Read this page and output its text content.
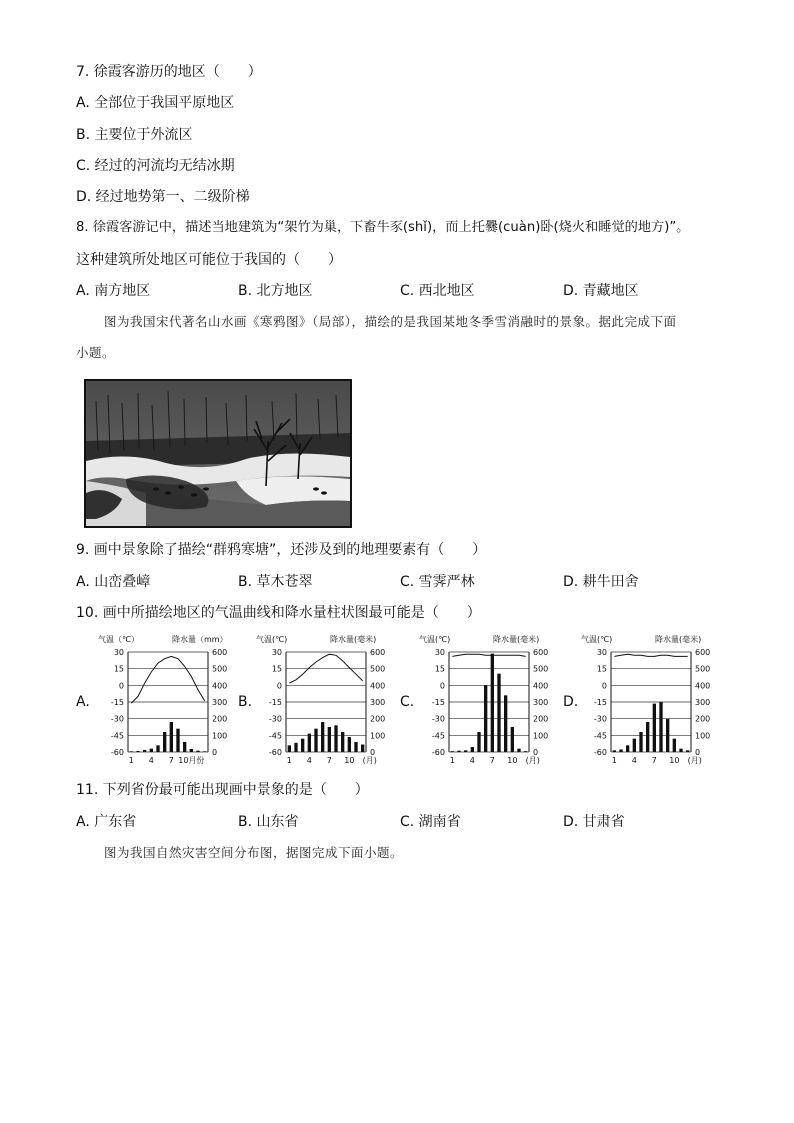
7. 徐霞客游历的地区（　　）
A. 全部位于我国平原地区
B. 主要位于外流区
C. 经过的河流均无结冰期
D. 经过地势第一、二级阶梯
8. 徐霞客游记中，描述当地建筑为“架竹为巢，下畜牛豕(shǐ)，而上托爨(cuàn)卧(烧火和睡觉的地方)”。
这种建筑所处地区可能位于我国的（　　）
A. 南方地区	B. 北方地区	C. 西北地区	D. 青藏地区
图为我国宋代著名山水画《寒鸦图》（局部），描绘的是我国某地冬季雪消融时的景象。据此完成下面
小题。
9. 画中景象除了描绘“群鸦寒塘”，还涉及到的地理要素有（　　）
A. 山峦叠嶂	B. 草木苍翠	C. 雪霁严林	D. 耕牛田舍
10. 画中所描绘地区的气温曲线和降水量柱状图最可能是（　　）
A.	B.	C.	D.
气温（℃）	降水量（mm）
30	600
15	500
0	400
-15	300
-30	200
-45	100
-60	0
1 4 7 10月份
气温(℃)	降水量(毫米)
30	600
15	500
0	400
-15	300
-30	200
-45	100
-60	0
1 4 7 10 (月)
气温(℃)	降水量(毫米)
30	600
15	500
0	400
-15	300
-30	200
-45	100
-60	0
1 4 7 10 (月)
气温(℃)	降水量(毫米)
30	600
15	500
0	400
-15	300
-30	200
-45	100
-60	0
1 4 7 10 (月)
11. 下列省份最可能出现画中景象的是（　　）
A. 广东省	B. 山东省	C. 湖南省	D. 甘肃省
图为我国自然灾害空间分布图，据图完成下面小题。
